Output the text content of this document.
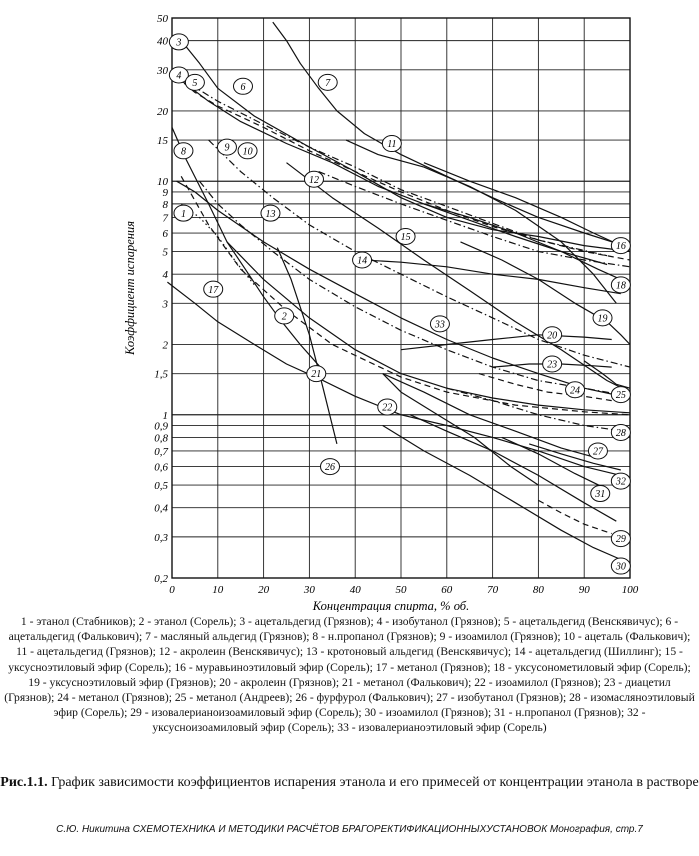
0	10	20	30	40	50	60	70	80	90	100
0,2
0,3
0,4
0,5
0,6
0,7
0,8
0,9
1
1,5
2
3
4
5
6
7
8
9
10
15
20
30
40
50
Концентрация спирта, % об.
Коэффициент испарения
3
4
5	6	7
8	9 10
11
12
1	13
15
14
16
18
17
2	19
33
20
23
21
24	25
22
28
27
26
32
31
29
30
1 - этанол (Стабников); 2 - этанол (Сорель); 3 - ацетальдегид (Грязнов); 4 - изобутанол (Грязнов); 5 - ацетальдегид (Венскявичус); 6 - ацетальдегид (Фалькович); 7 - масляный альдегид (Грязнов); 8 - н.пропанол (Грязнов); 9 - изоамилол (Грязнов); 10 - ацеталь (Фалькович); 11 - ацетальдегид (Грязнов); 12 - акролеин (Венскявичус); 13 - кротоновый альдегид (Венскявичус); 14 - ацетальдегид (Шиллинг); 15 - уксусноэтиловый эфир (Сорель); 16 - муравьиноэтиловый эфир (Сорель); 17 - метанол (Грязнов); 18 - уксусонометиловый эфир (Сорель); 19 - уксусноэтиловый эфир (Грязнов); 20 - акролеин (Грязнов); 21 - метанол (Фалькович); 22 - изоамилол (Грязнов); 23 - диацетил (Грязнов); 24 - метанол (Грязнов); 25 - метанол (Андреев); 26 - фурфурол (Фалькович); 27 - изобутанол (Грязнов); 28 - изомасляноэтиловый эфир (Сорель); 29 - изовалерианоизоамиловый эфир (Сорель); 30 - изоамилол (Грязнов); 31 - н.пропанол (Грязнов); 32 - уксусноизоамиловый эфир (Сорель); 33 - изовалерианоэтиловый эфир (Сорель)
Рис.1.1. График зависимости коэффициентов испарения этанола и его примесей от концентрации этанола в растворе
С.Ю. Никитина СХЕМОТЕХНИКА И МЕТОДИКИ РАСЧЁТОВ БРАГОРЕКТИФИКАЦИОННЫХУСТАНОВОК Монография, стр.7
